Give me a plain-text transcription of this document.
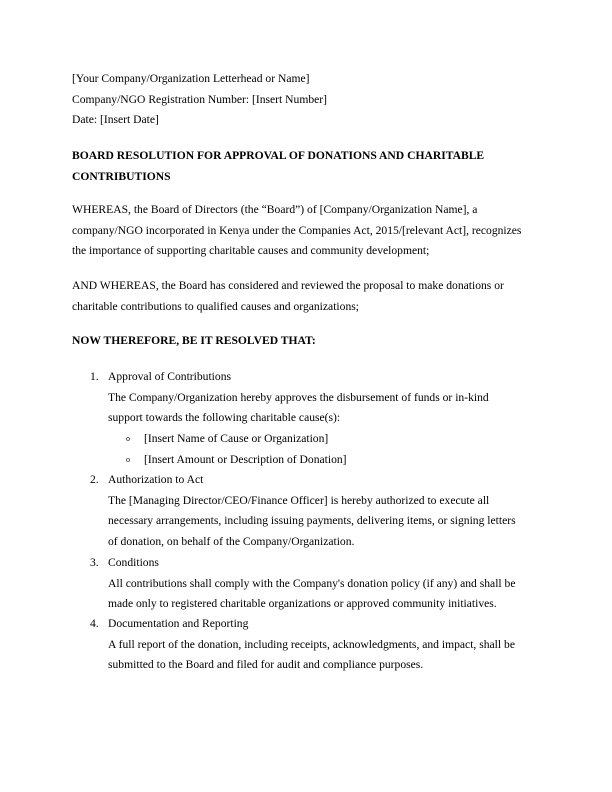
[Your Company/Organization Letterhead or Name]
Company/NGO Registration Number: [Insert Number]
Date: [Insert Date]
BOARD RESOLUTION FOR APPROVAL OF DONATIONS AND CHARITABLE
CONTRIBUTIONS
WHEREAS, the Board of Directors (the “Board”) of [Company/Organization Name], a
company/NGO incorporated in Kenya under the Companies Act, 2015/[relevant Act], recognizes
the importance of supporting charitable causes and community development;
AND WHEREAS, the Board has considered and reviewed the proposal to make donations or
charitable contributions to qualified causes and organizations;
NOW THEREFORE, BE IT RESOLVED THAT:
1. Approval of Contributions
The Company/Organization hereby approves the disbursement of funds or in-kind
support towards the following charitable cause(s):
o [Insert Name of Cause or Organization]
o [Insert Amount or Description of Donation]
2. Authorization to Act
The [Managing Director/CEO/Finance Officer] is hereby authorized to execute all
necessary arrangements, including issuing payments, delivering items, or signing letters
of donation, on behalf of the Company/Organization.
3. Conditions
All contributions shall comply with the Company's donation policy (if any) and shall be
made only to registered charitable organizations or approved community initiatives.
4. Documentation and Reporting
A full report of the donation, including receipts, acknowledgments, and impact, shall be
submitted to the Board and filed for audit and compliance purposes.
